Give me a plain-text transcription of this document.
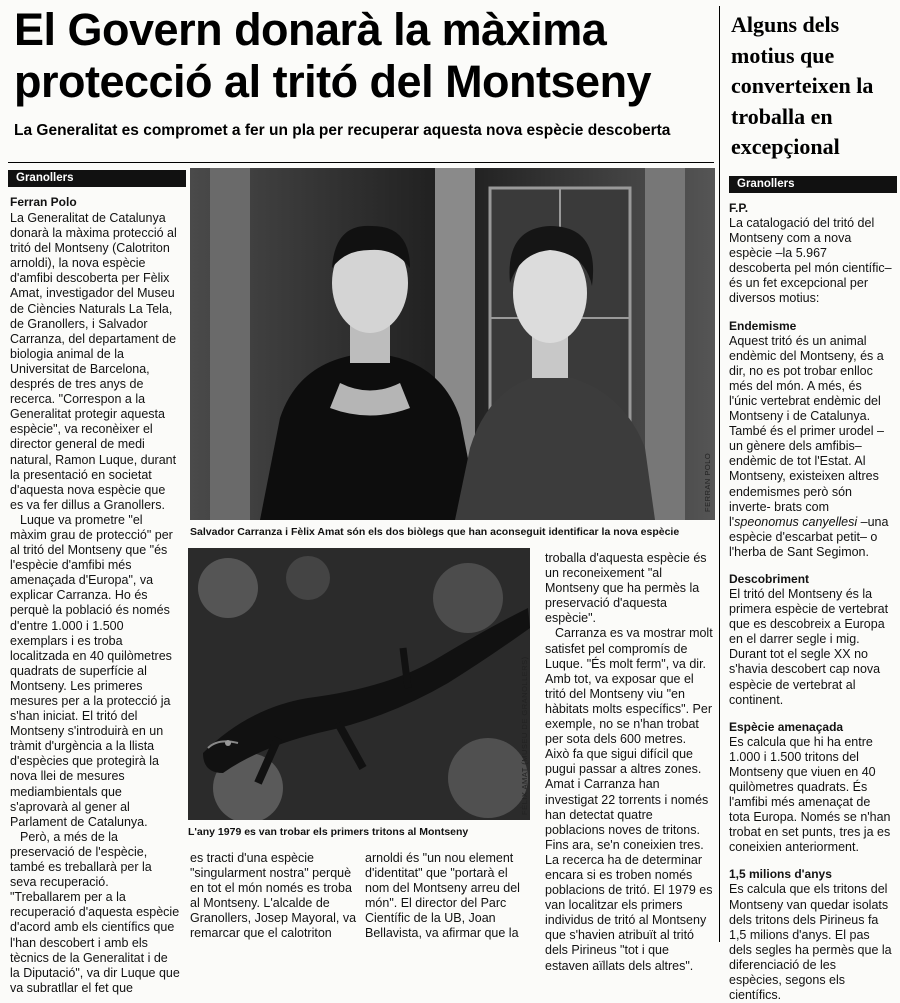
El Govern donarà la màxima
protecció al tritó del Montseny
La Generalitat es compromet a fer un pla per recuperar aquesta nova espècie descoberta
Alguns dels motius que converteixen la troballa en excepçional
Granollers
Ferran Polo

La Generalitat de Catalunya donarà la màxima protecció al tritó del Montseny (Calotriton arnoldi), la nova espècie d'amfibi descoberta per Fèlix Amat, investigador del Museu de Ciències Naturals La Tela, de Granollers, i Salvador Carranza, del departament de biologia animal de la Universitat de Barcelona, després de tres anys de recerca. "Correspon a la Generalitat protegir aquesta espècie", va reconèixer el director general de medi natural, Ramon Luque, durant la presentació en societat d'aquesta nova espècie que es va fer dillus a Granollers.

Luque va prometre "el màxim grau de protecció" per al tritó del Montseny que "és l'espècie d'amfibi més amenaçada d'Europa", va explicar Carranza. Ho és perquè la població és només d'entre 1.000 i 1.500 exemplars i es troba localitzada en 40 quilòmetres quadrats de superfície al Montseny. Les primeres mesures per a la protecció ja s'han iniciat. El tritó del Montseny s'introduirà en un tràmit d'urgència a la llista d'espècies que protegirà la nova llei de mesures mediambientals que s'aprovarà al gener al Parlament de Catalunya.

Però, a més de la preservació de l'espècie, també es treballarà per la seva recuperació. "Treballarem per a la recuperació d'aquesta espècie d'acord amb els científics que l'han descobert i amb els tècnics de la Generalitat i de la Diputació", va dir Luque que va subratllar el fet que

FERRAN POLO
Salvador Carranza i Fèlix Amat són els dos biòlegs que han aconseguit identificar la nova espècie
FÈLIX AMAT (MUSEU DE GRANOLLERS)
L'any 1979 es van trobar els primers tritons al Montseny

es tracti d'una espècie "singularment nostra" perquè en tot el món només es troba al Montseny. L'alcalde de Granollers, Josep Mayoral, va remarcar que el calotriton

arnoldi és "un nou element d'identitat" que "portarà el nom del Montseny arreu del món". El director del Parc Científic de la UB, Joan Bellavista, va afirmar que la

troballa d'aquesta espècie és un reconeixement "al Montseny que ha permès la preservació d'aquesta espècie".

Carranza es va mostrar molt satisfet pel compromís de Luque. "És molt ferm", va dir. Amb tot, va exposar que el tritó del Montseny viu "en hàbitats molts específics". Per exemple, no se n'han trobat per sota dels 600 metres. Això fa que sigui difícil que pugui passar a altres zones. Amat i Carranza han investigat 22 torrents i només han detectat quatre poblacions noves de tritons. Fins ara, se'n coneixien tres. La recerca ha de determinar encara si es troben només poblacions de tritó. El 1979 es van localitzar els primers individus de tritó al Montseny que s'havien atribuït al tritó dels Pirineus "tot i que estaven aïllats dels altres".

Granollers
F.P.

La catalogació del tritó del Montseny com a nova espècie –la 5.967 descoberta pel món científic– és un fet excepcional per diversos motius:

Endemisme

Aquest tritó és un animal endèmic del Montseny, és a dir, no es pot trobar enlloc més del món. A més, és l'únic vertebrat endèmic del Montseny i de Catalunya. També és el primer urodel –un gènere dels amfibis– endèmic de tot l'Estat. Al Montseny, existeixen altres endemismes però són inverte- brats com l'speonomus canyellesi –una espècie d'escarbat petit– o l'herba de Sant Segimon.

Descobriment

El tritó del Montseny és la primera espècie de vertebrat que es descobreix a Europa en el darrer segle i mig. Durant tot el segle XX no s'havia descobert cap nova espècie de vertebrat al continent.

Espècie amenaçada

Es calcula que hi ha entre 1.000 i 1.500 tritons del Montseny que viuen en 40 quilòmetres quadrats. És l'amfibi més amenaçat de tota Europa. Només se n'han trobat en set punts, tres ja es coneixien anteriorment.

1,5 milions d'anys

Es calcula que els tritons del Montseny van quedar isolats dels tritons dels Pirineus fa 1,5 milions d'anys. El pas dels segles ha permès que la diferenciació de les espècies, segons els científics.
